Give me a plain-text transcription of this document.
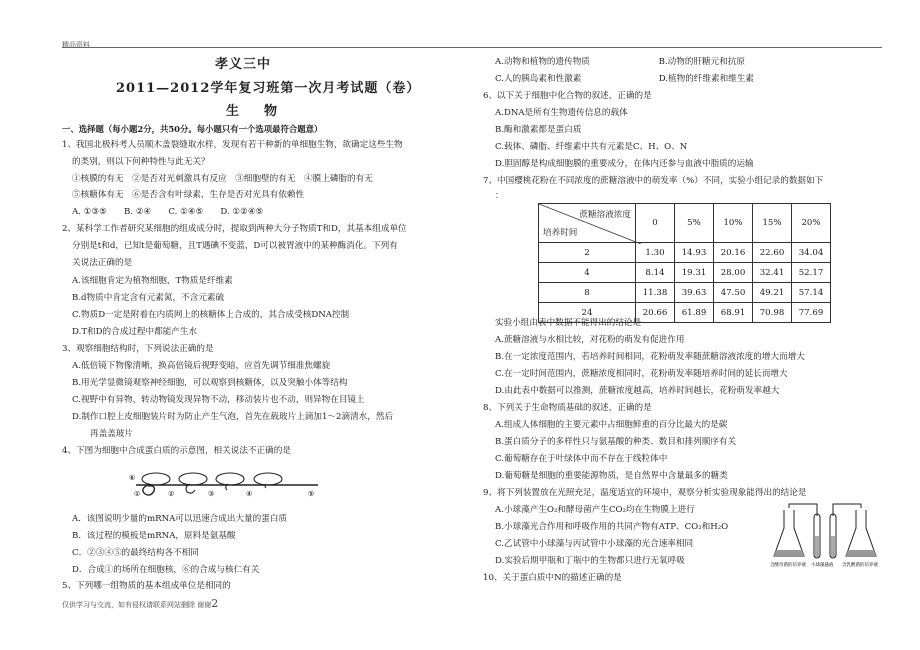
精品资料
孝义三中
2011—2012学年复习班第一次月考试题（卷）
生　物
一、选择题（每小题2分，共50分。每小题只有一个选项最符合题意）
1、我国北极科考人员顺木盖裂缝取水样，发现有若干种新的单细胞生物，欲确定这些生物
的类别，则以下何种特性与此无关？
①核膜的有无　②是否对光刺激具有反应　③细胞壁的有无　④膜上磷脂的有无
⑤核糖体有无　⑥是否含有叶绿素，生存是否对光具有依赖性
A. ①③⑤　　B. ②④　　C. ①④⑤　　D. ①②④⑤
2、某科学工作者研究某细胞的组成成分时，提取到两种大分子物质T和D，其基本组成单位
分别是t和d，已知t是葡萄糖，且T遇碘不变蓝，D可以被胃液中的某种酶消化。下列有
关说法正确的是
A.该细胞肯定为植物细胞，T物质是纤维素
B.d物质中肯定含有元素氮，不含元素硫
C.物质D一定是附着在内质网上的核糖体上合成的，其合成受核DNA控制
D.T和D的合成过程中都能产生水
3、观察细胞结构时，下列说法正确的是
A.低倍镜下物像清晰，换高倍镜后视野变暗，应首先调节细准焦螺旋
B.用光学显微镜观察神经细胞，可以观察到核糖体，以及突触小体等结构
C.视野中有异物，转动物镜发现异物不动，移动装片也不动，则异物在目镜上
D.制作口腔上皮细胞装片时为防止产生气泡，首先在载玻片上滴加1～2滴清水，然后
再盖盖玻片
4、下图为细胞中合成蛋白质的示意图，相关说法不正确的是
⑥
①	②	③	④	⑤
A．该图说明少量的mRNA可以迅速合成出大量的蛋白质
B．该过程的模板是mRNA，原料是氨基酸
C．②③④⑤的最终结构各不相同
D．合成①的场所在细胞核，⑥的合成与核仁有关
5、下列哪一组物质的基本组成单位是相同的
仅供学习与交流，如有侵权请联系网站删除 谢谢2
A.动物和植物的遗传物质　　　　　　　　B.动物的肝糖元和抗原
C.人的胰岛素和性激素　　　　　　　　　D.植物的纤维素和维生素
6、以下关于细胞中化合物的叙述，正确的是
A.DNA是所有生物遗传信息的载体
B.酶和激素都是蛋白质
C.载体、磷脂、纤维素中共有元素是C、H、O、N
D.胆固醇是构成细胞膜的重要成分，在体内还参与血液中脂质的运输
7、中国樱桃花粉在不同浓度的蔗糖溶液中的萌发率（%）不同，实验小组记录的数据如下
：
蔗糖溶液浓度
培养时间	0	5%	10%	15%	20%
2	1.30	14.93	20.16	22.60	34.04
4	8.14	19.31	28.00	32.41	52.17
8	11.38	39.63	47.50	49.21	57.14
24	20.66	61.89	68.91	70.98	77.69
实验小组由表中数据不能得出的结论是
A.蔗糖溶液与水相比较，对花粉的萌发有促进作用
B.在一定浓度范围内，若培养时间相同，花粉萌发率随蔗糖溶液浓度的增大而增大
C.在一定时间范围内，蔗糖浓度相同时，花粉萌发率随培养时间的延长而增大
D.由此表中数据可以推测，蔗糖浓度越高，培养时间越长，花粉萌发率越大
8、下列关于生命物质基础的叙述，正确的是
A.组成人体细胞的主要元素中占细胞鲜重的百分比最大的是碳
B.蛋白质分子的多样性只与氨基酸的种类、数目和排列顺序有关
C.葡萄糖存在于叶绿体中而不存在于线粒体中
D.葡萄糖是细胞的重要能源物质，是自然界中含量最多的糖类
9、将下列装置放在光照充足，温度适宜的环境中，观察分析实验现象能得出的结论是
A.小球藻产生O₂和酵母菌产生CO₂均在生物膜上进行
B.小球藻光合作用和呼吸作用的共同产物有ATP、CO₂和H₂O
C.乙试管中小球藻与丙试管中小球藻的光合速率相同
D.实验后期甲瓶和丁瓶中的生物都只进行无氧呼吸
10、关于蛋白质中N的描述正确的是
含酵母菌的培养液 小球藻悬液 含乳酸菌的培养液
